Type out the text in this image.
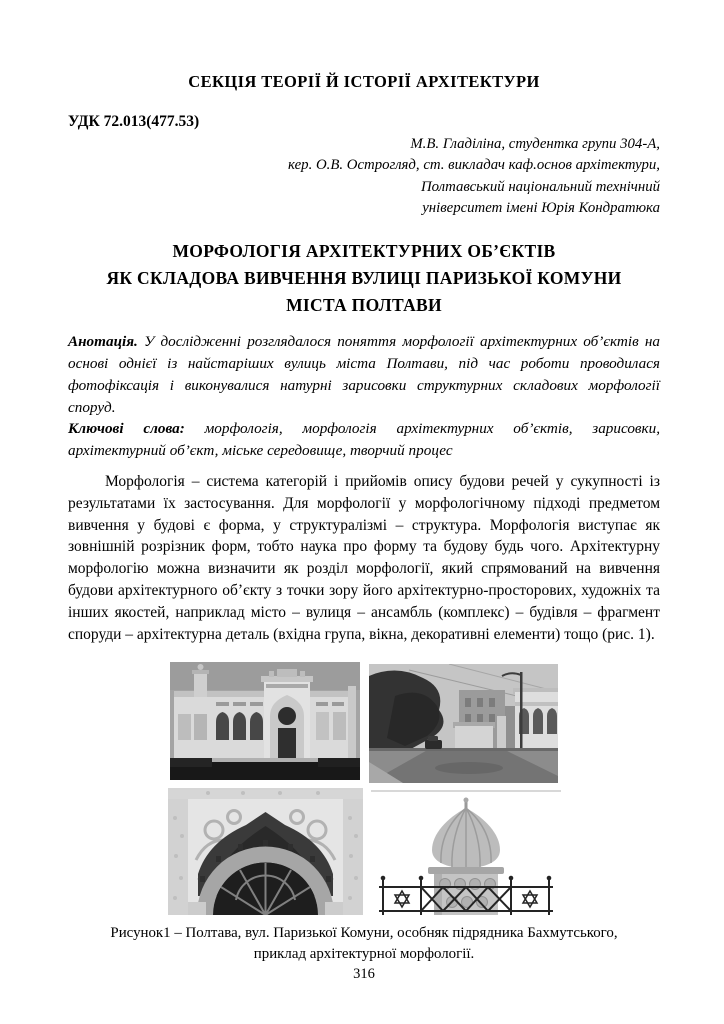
СЕКЦІЯ ТЕОРІЇ Й ІСТОРІЇ АРХІТЕКТУРИ
УДК 72.013(477.53)
М.В. Гладіліна, студентка групи 304-А,
кер. О.В. Острогляд, ст. викладач каф.основ архітектури,
Полтавський національний технічний
університет імені Юрія Кондратюка
МОРФОЛОГІЯ АРХІТЕКТУРНИХ ОБ’ЄКТІВ
ЯК СКЛАДОВА ВИВЧЕННЯ ВУЛИЦІ ПАРИЗЬКОЇ КОМУНИ
МІСТА ПОЛТАВИ

Анотація. У дослідженні розглядалося поняття морфології архітектурних об’єктів на основі однієї із найстаріших вулиць міста Полтави, під час роботи проводилася фотофіксація і виконувалися натурні зарисовки структурних складових морфології споруд.

Ключові слова: морфологія, морфологія архітектурних об’єктів, зарисовки, архітектурний об’єкт, міське середовище, творчий процес

Морфологія – система категорій і прийомів опису будови речей у сукупності із результатами їх застосування. Для морфології у морфологічному підході предметом вивчення у будові є форма, у структуралізмі – структура. Морфологія виступає як зовнішній розрізник форм, тобто наука про форму та будову будь чого. Архітектурну морфологію можна визначити як розділ морфології, який спрямований на вивчення будови архітектурного об’єкту з точки зору його архітектурно-просторових, художніх та інших якостей, наприклад місто – вулиця – ансамбль (комплекс) – будівля – фрагмент споруди – архітектурна деталь (вхідна група, вікна, декоративні елементи) тощо (рис. 1).

Рисунок1 – Полтава, вул. Паризької Комуни, особняк підрядника Бахмутського,
приклад архітектурної морфології.
316
